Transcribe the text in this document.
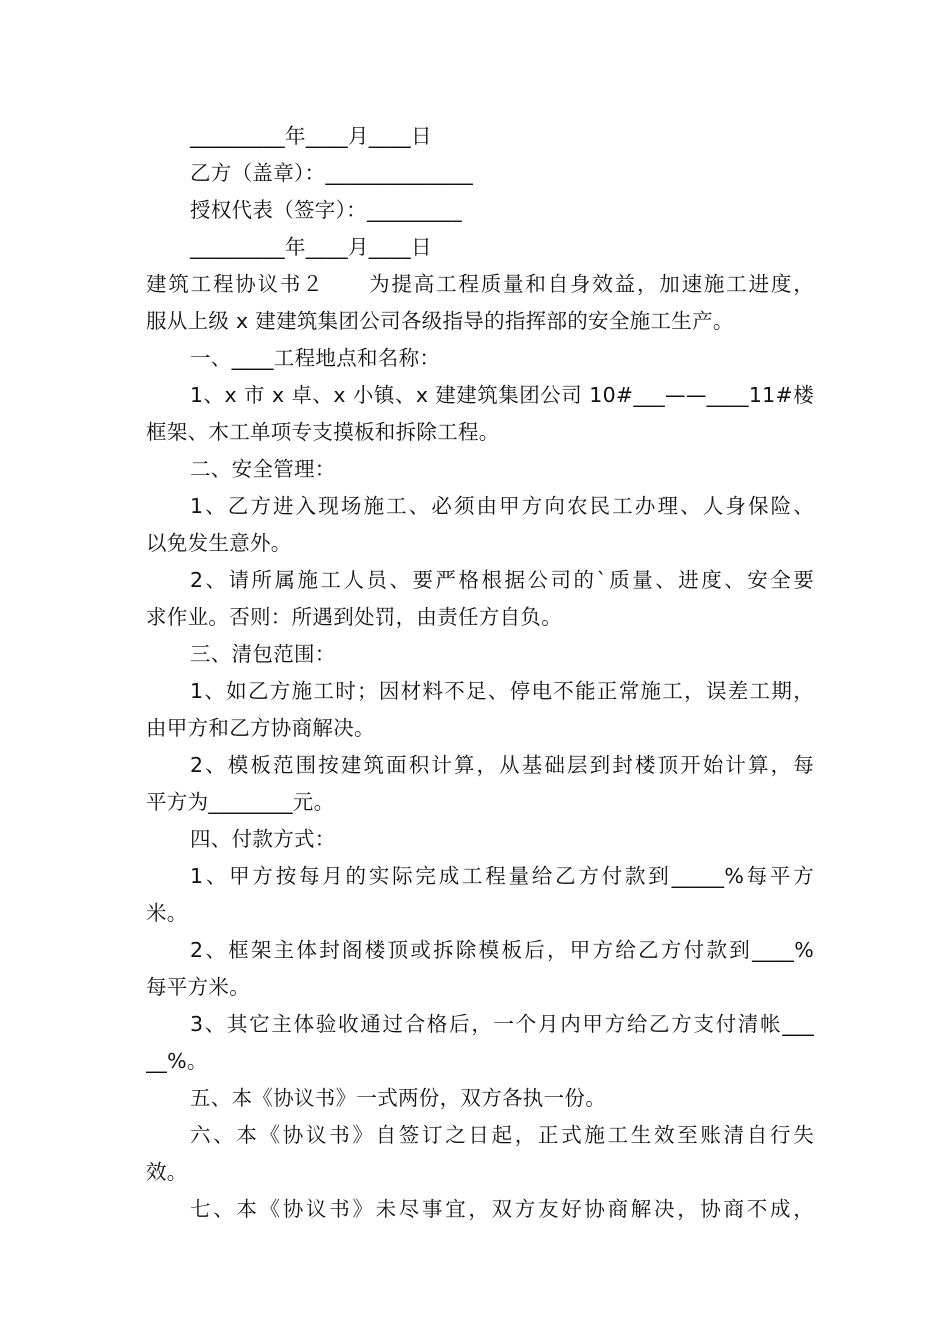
_________年____月____日
乙方（盖章）：______________
授权代表（签字）：_________
_________年____月____日
建筑工程协议书２　　为提高工程质量和自身效益，加速施工进度，
服从上级 x 建建筑集团公司各级指导的指挥部的安全施工生产。
一、____工程地点和名称：
1、x 市 x 卓、x 小镇、x 建建筑集团公司 10#___——____11#楼
框架、木工单项专支摸板和拆除工程。
二、安全管理：
1、乙方进入现场施工、必须由甲方向农民工办理、人身保险、
以免发生意外。
2、请所属施工人员、要严格根据公司的`质量、进度、安全要
求作业。否则：所遇到处罚，由责任方自负。
三、清包范围：
1、如乙方施工时；因材料不足、停电不能正常施工，误差工期，
由甲方和乙方协商解决。
2、模板范围按建筑面积计算，从基础层到封楼顶开始计算，每
平方为________元。
四、付款方式：
1、甲方按每月的实际完成工程量给乙方付款到_____%每平方
米。
2、框架主体封阁楼顶或拆除模板后，甲方给乙方付款到____%
每平方米。
3、其它主体验收通过合格后，一个月内甲方给乙方支付清帐___
__%。
五、本《协议书》一式两份，双方各执一份。
六、本《协议书》自签订之日起，正式施工生效至账清自行失
效。
七、本《协议书》未尽事宜，双方友好协商解决，协商不成，
